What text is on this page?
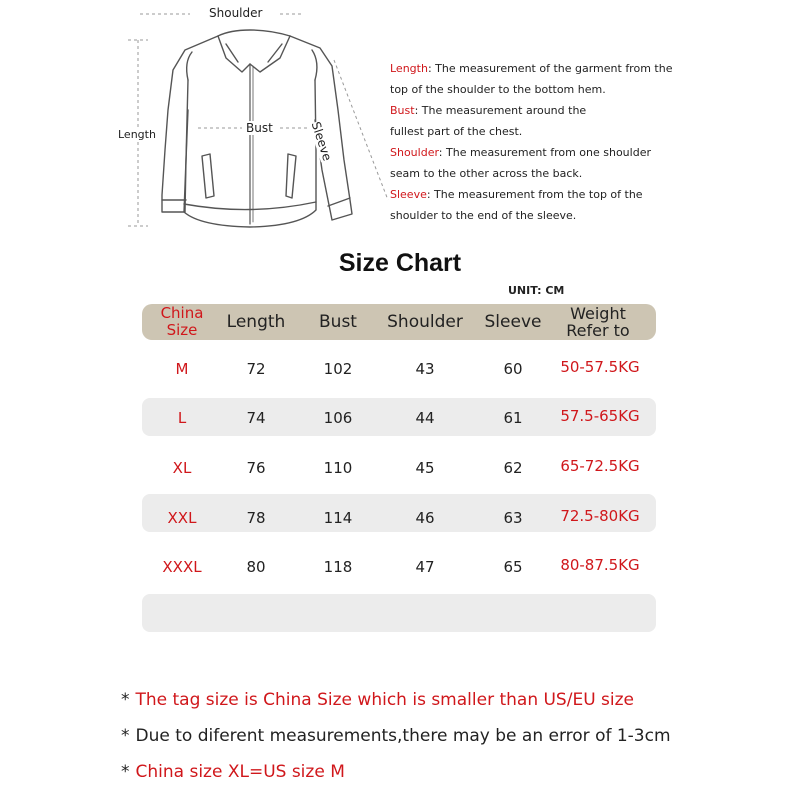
Shoulder
Length	Bust	Sleeve
Length: The measurement of the garment from the
top of the shoulder to the bottom hem.
Bust: The measurement around the
fullest part of the chest.
Shoulder: The measurement from one shoulder
seam to the other across the back.
Sleeve: The measurement from the top of the
shoulder to the end of the sleeve.
Size Chart
UNIT: CM
China
Size	Length	Bust	Shoulder	Sleeve	Weight
Refer to
M	72	102	43	60	50-57.5KG
L	74	106	44	61	57.5-65KG
XL	76	110	45	62	65-72.5KG
XXL	78	114	46	63	72.5-80KG
XXXL	80	118	47	65	80-87.5KG
* The tag size is China Size which is smaller than US/EU size
* Due to diferent measurements,there may be an error of 1-3cm
* China size XL=US size M
